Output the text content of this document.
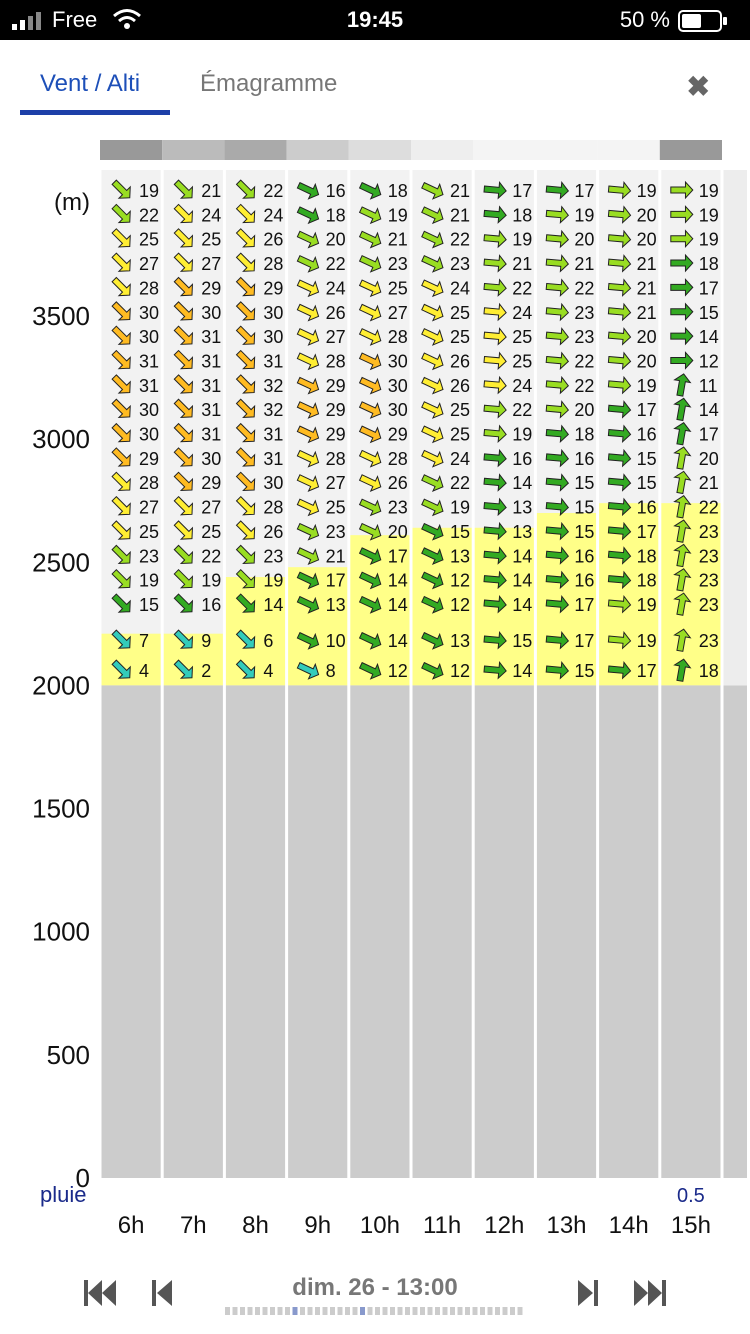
Free	19:45	50 %
Vent / Alti Émagramme	✖
(m)
3500
3000
2500
2000
1500
1000
500
0
19 21 22 16 18 21 17 17 19 19
22 24 24 18 19 21 18 19 20 19
25 25 26 20 21 22 19 20 20 19
27 27 28 22 23 23 21 21 21 18
28 29 29 24 25 24 22 22 21 17
30 30 30 26 27 25 24 23 21 15
30 31 30 27 28 25 25 23 20 14
31 31 31 28 30 26 25 22 20 12
31 31 32 29 30 26 24 22 19 11
30 31 32 29 30 25 22 20 17 14
30 31 31 29 29 25 19 18 16 17
29 30 31 28 28 24 16 16 15 20
28 29 30 27 26 22 14 15 15 21
27 27 28 25 23 19 13 15 16 22
25 25 26 23 20 15 13 15 17 23
23 22 23 21 17 13 14 16 18 23
19 19 19 17 14 12 14 16 18 23
15 16 14 13 14 12 14 17 19 23
7	9	6	10 14 13 15 17 19 23
4	2	4	8	12 12 14 15 17 18
pluie	0.5
6h 7h 8h 9h 10h 11h 12h 13h 14h 15h
dim. 26 - 13:00
